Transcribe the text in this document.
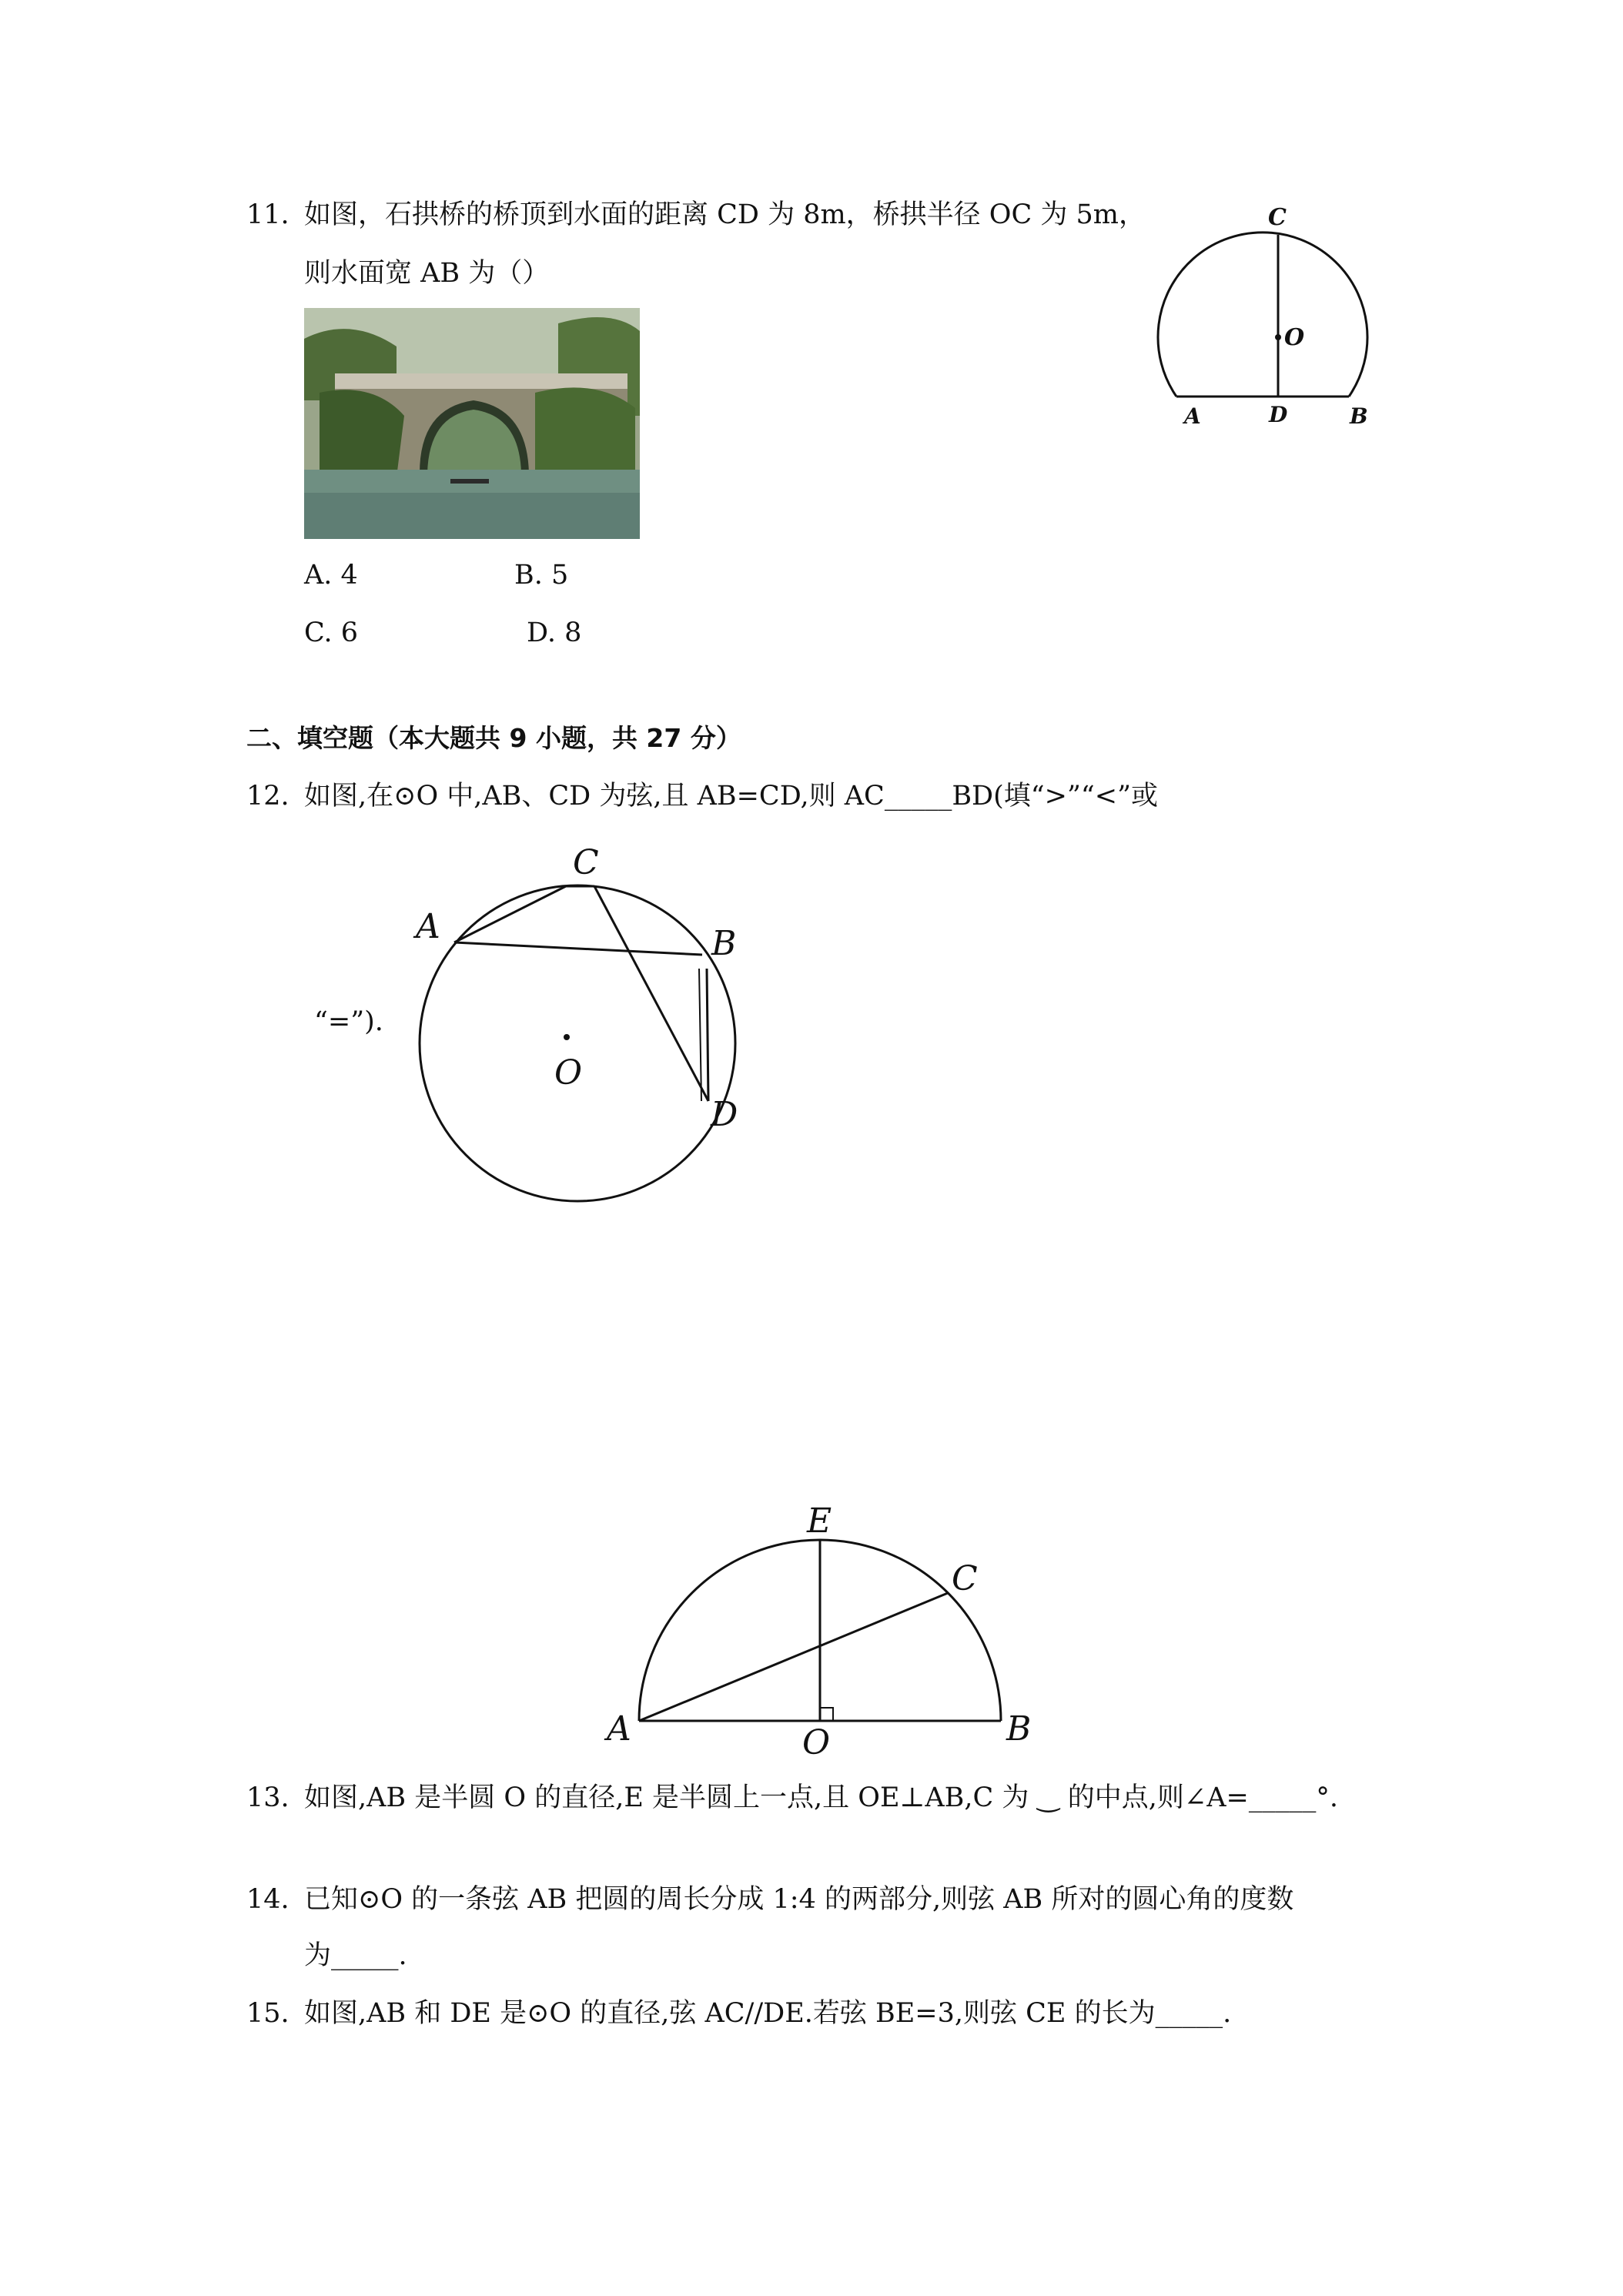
11. 如图，石拱桥的桥顶到水面的距离 CD 为 8m，桥拱半径 OC 为 5m，
则水面宽 AB 为（）
A. 4	B. 5
C. 6	D. 8
C
O
A	D	B
二、填空题（本大题共 9 小题，共 27 分）
12. 如图,在⊙O 中,AB、CD 为弦,且 AB=CD,则 AC_____BD(填“>”“<”或
“=”).
A
C
B
D
O
E
C
A	B
O
13. 如图,AB 是半圆 O 的直径,E 是半圆上一点,且 OE⊥AB,C 为 ‿ 的中点,则∠A=_____°.
14. 已知⊙O 的一条弦 AB 把圆的周长分成 1:4 的两部分,则弦 AB 所对的圆心角的度数
为_____.
15. 如图,AB 和 DE 是⊙O 的直径,弦 AC//DE.若弦 BE=3,则弦 CE 的长为_____.
